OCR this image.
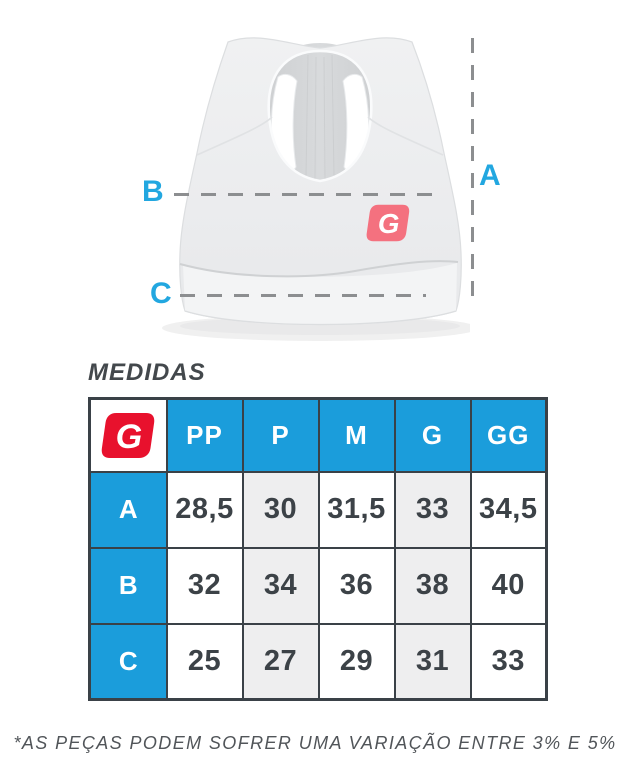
G
B
C
A
MEDIDAS
	PP	P	M	G	GG
A	28,5	30	31,5	33	34,5
B	32	34	36	38	40
C	25	27	29	31	33
*AS PEÇAS PODEM SOFRER UMA VARIAÇÃO ENTRE 3% E 5%
